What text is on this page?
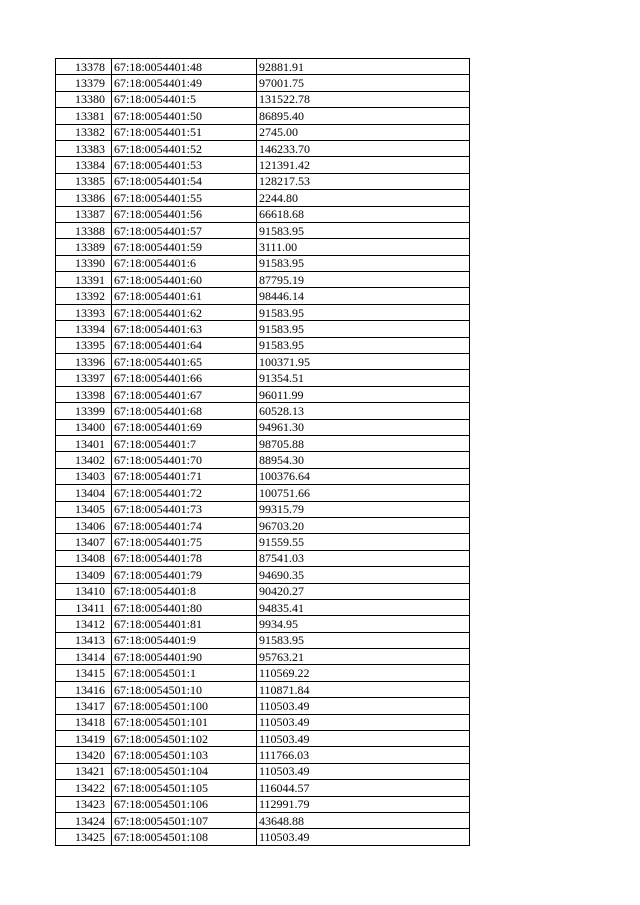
13378	67:18:0054401:48	92881.91
13379	67:18:0054401:49	97001.75
13380	67:18:0054401:5	131522.78
13381	67:18:0054401:50	86895.40
13382	67:18:0054401:51	2745.00
13383	67:18:0054401:52	146233.70
13384	67:18:0054401:53	121391.42
13385	67:18:0054401:54	128217.53
13386	67:18:0054401:55	2244.80
13387	67:18:0054401:56	66618.68
13388	67:18:0054401:57	91583.95
13389	67:18:0054401:59	3111.00
13390	67:18:0054401:6	91583.95
13391	67:18:0054401:60	87795.19
13392	67:18:0054401:61	98446.14
13393	67:18:0054401:62	91583.95
13394	67:18:0054401:63	91583.95
13395	67:18:0054401:64	91583.95
13396	67:18:0054401:65	100371.95
13397	67:18:0054401:66	91354.51
13398	67:18:0054401:67	96011.99
13399	67:18:0054401:68	60528.13
13400	67:18:0054401:69	94961.30
13401	67:18:0054401:7	98705.88
13402	67:18:0054401:70	88954.30
13403	67:18:0054401:71	100376.64
13404	67:18:0054401:72	100751.66
13405	67:18:0054401:73	99315.79
13406	67:18:0054401:74	96703.20
13407	67:18:0054401:75	91559.55
13408	67:18:0054401:78	87541.03
13409	67:18:0054401:79	94690.35
13410	67:18:0054401:8	90420.27
13411	67:18:0054401:80	94835.41
13412	67:18:0054401:81	9934.95
13413	67:18:0054401:9	91583.95
13414	67:18:0054401:90	95763.21
13415	67:18:0054501:1	110569.22
13416	67:18:0054501:10	110871.84
13417	67:18:0054501:100	110503.49
13418	67:18:0054501:101	110503.49
13419	67:18:0054501:102	110503.49
13420	67:18:0054501:103	111766.03
13421	67:18:0054501:104	110503.49
13422	67:18:0054501:105	116044.57
13423	67:18:0054501:106	112991.79
13424	67:18:0054501:107	43648.88
13425	67:18:0054501:108	110503.49
